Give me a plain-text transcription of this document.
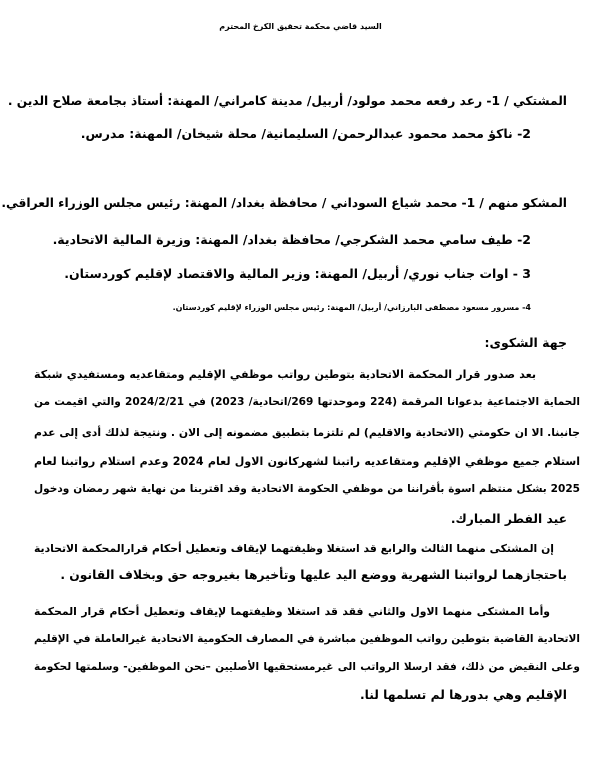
السيد قاضي محكمة تحقيق الكرخ المحترم
المشتكي / 1- رعد رفعه محمد مولود/ أربيل/ مدينة كامراني/ المهنة: أستاذ بجامعة صلاح الدين .
2- ناكؤ محمد محمود عبدالرحمن/ السليمانية/ محلة شيخان/ المهنة: مدرس.
المشكو منهم / 1- محمد شياع السوداني / محافظة بغداد/ المهنة: رئيس مجلس الوزراء العراقي.
2- طيف سامي محمد الشكرجي/ محافظة بغداد/ المهنة: وزيرة المالية الاتحادية.
3 - اوات جناب نوري/ أربيل/ المهنة: وزير المالية والاقتصاد لإقليم كوردستان.
4- مسرور مسعود مصطفى البارزاني/ أربيل/ المهنة: رئيس مجلس الوزراء لإقليم كوردستان.
جهة الشكوى:
بعد صدور قرار المحكمة الاتحادية بتوطين رواتب موظفي الإقليم ومتقاعديه ومستفيدي شبكة
الحماية الاجتماعية بدعوانا المرقمة (224 وموحدتها 269/اتحادية/ 2023) في 2024/2/21 والتي اقيمت من
جانبنا. الا ان حكومتي (الاتحادية والاقليم) لم تلتزما بتطبيق مضمونه إلى الان . ونتيجة لذلك أدى إلى عدم
استلام جميع موظفي الإقليم ومتقاعديه راتبنا لشهركانون الاول لعام 2024 وعدم استلام رواتبنا لعام
2025 بشكل منتظم اسوة بأقراننا من موظفي الحكومة الاتحادية وقد اقتربنا من نهاية شهر رمضان ودخول
عيد الفطر المبارك.
إن المشتكى منهما الثالث والرابع قد استغلا وظيفتهما لإيقاف وتعطيل أحكام قرارالمحكمة الاتحادية
باحتجازهما لرواتبنا الشهرية ووضع اليد عليها وتأخيرها بغيروجه حق وبخلاف القانون .
وأما المشتكى منهما الاول والثاني فقد قد استغلا وظيفتهما لإيقاف وتعطيل أحكام قرار المحكمة
الاتحادية القاضية بتوطين رواتب الموظفين مباشرة في المصارف الحكومية الاتحادية غيرالعاملة في الإقليم
وعلى النقيض من ذلك، فقد ارسلا الرواتب الى غيرمستحقيها الأصليين –نحن الموظفين- وسلمتها لحكومة
الإقليم وهي بدورها لم تسلمها لنا.
